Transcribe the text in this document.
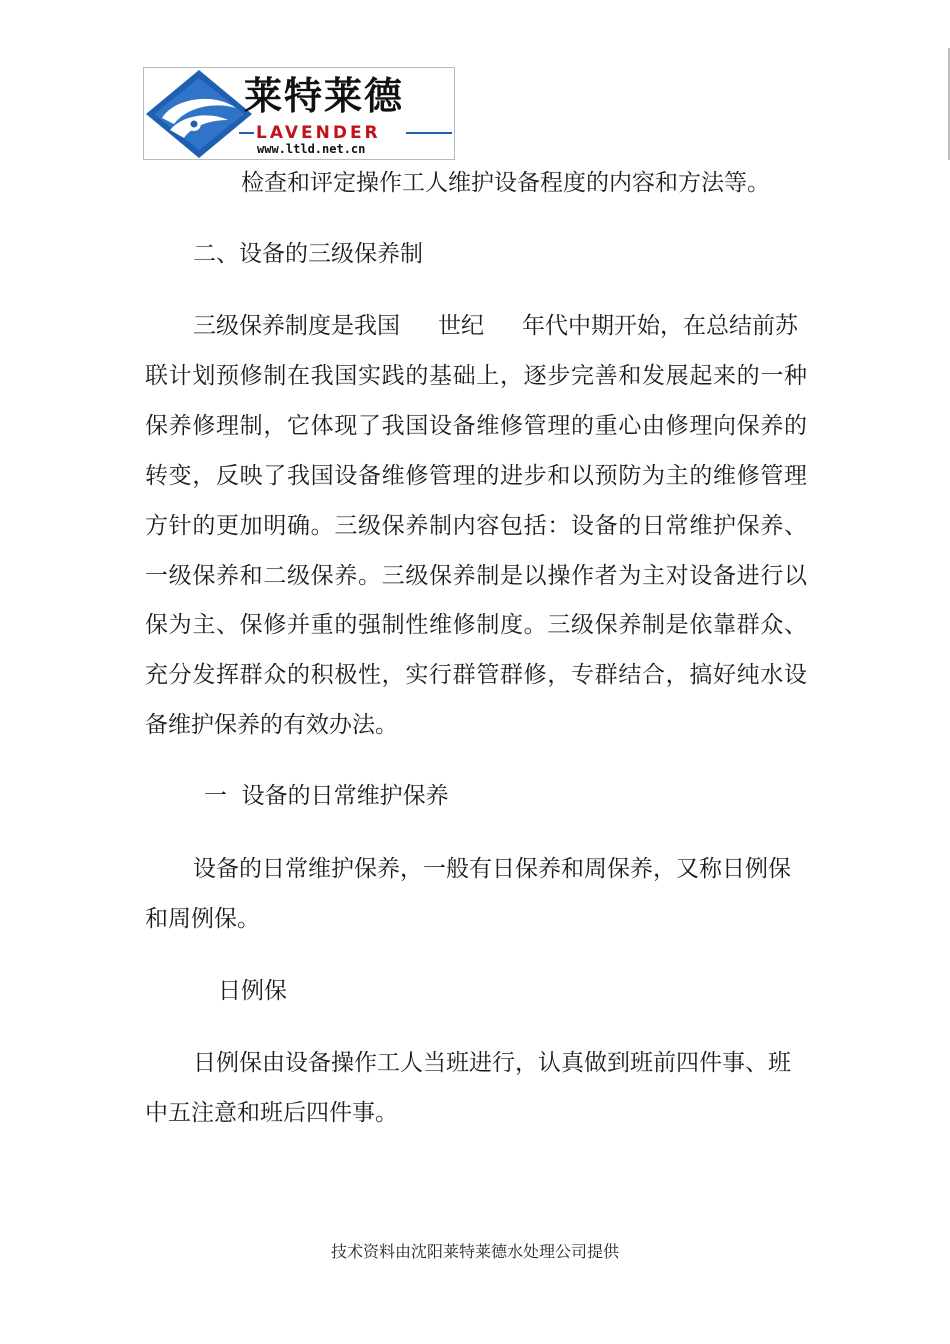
莱特莱德
LAVENDER
www.ltld.net.cn
检查和评定操作工人维护设备程度的内容和方法等。
二、设备的三级保养制
三级保养制度是我国 世纪 年代中期开始，在总结前苏
联计划预修制在我国实践的基础上，逐步完善和发展起来的一种
保养修理制，它体现了我国设备维修管理的重心由修理向保养的
转变，反映了我国设备维修管理的进步和以预防为主的维修管理
方针的更加明确。三级保养制内容包括：设备的日常维护保养、
一级保养和二级保养。三级保养制是以操作者为主对设备进行以
保为主、保修并重的强制性维修制度。三级保养制是依靠群众、
充分发挥群众的积极性，实行群管群修，专群结合，搞好纯水设
备维护保养的有效办法。
一  设备的日常维护保养
设备的日常维护保养，一般有日保养和周保养，又称日例保
和周例保。
日例保
日例保由设备操作工人当班进行，认真做到班前四件事、班
中五注意和班后四件事。
技术资料由沈阳莱特莱德水处理公司提供
